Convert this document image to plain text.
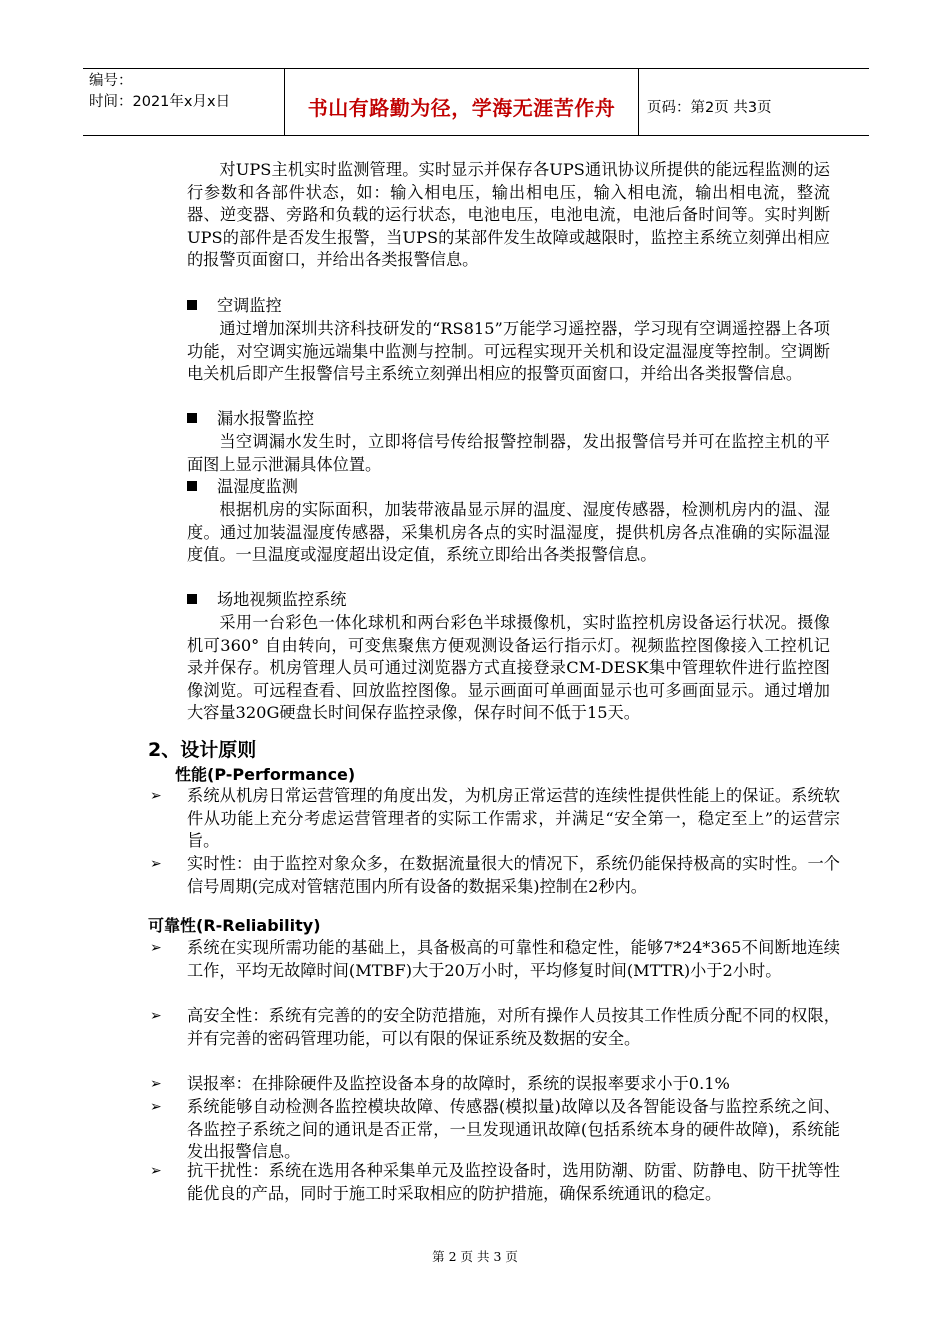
编号：
时间：2021年x月x日	书山有路勤为径，学海无涯苦作舟	页码：第2页 共3页

对UPS主机实时监测管理。实时显示并保存各UPS通讯协议所提供的能远程监测的运行参数和各部件状态，如：输入相电压，输出相电压，输入相电流，输出相电流，整流器、逆变器、旁路和负载的运行状态，电池电压，电池电流，电池后备时间等。实时判断UPS的部件是否发生报警，当UPS的某部件发生故障或越限时，监控主系统立刻弹出相应的报警页面窗口，并给出各类报警信息。

空调监控

通过增加深圳共济科技研发的“RS815”万能学习遥控器，学习现有空调遥控器上各项功能，对空调实施远端集中监测与控制。可远程实现开关机和设定温湿度等控制。空调断电关机后即产生报警信号主系统立刻弹出相应的报警页面窗口，并给出各类报警信息。

漏水报警监控

当空调漏水发生时，立即将信号传给报警控制器，发出报警信号并可在监控主机的平面图上显示泄漏具体位置。

温湿度监测

根据机房的实际面积，加装带液晶显示屏的温度、湿度传感器，检测机房内的温、湿度。通过加装温湿度传感器，采集机房各点的实时温湿度，提供机房各点准确的实际温湿度值。一旦温度或湿度超出设定值，系统立即给出各类报警信息。

场地视频监控系统

采用一台彩色一体化球机和两台彩色半球摄像机，实时监控机房设备运行状况。摄像机可360° 自由转向，可变焦聚焦方便观测设备运行指示灯。视频监控图像接入工控机记录并保存。机房管理人员可通过浏览器方式直接登录CM-DESK集中管理软件进行监控图像浏览。可远程查看、回放监控图像。显示画面可单画面显示也可多画面显示。通过增加大容量320G硬盘长时间保存监控录像，保存时间不低于15天。

2、设计原则
性能(P-Performance)
➢ 系统从机房日常运营管理的角度出发，为机房正常运营的连续性提供性能上的保证。系统软件从功能上充分考虑运营管理者的实际工作需求，并满足“安全第一，稳定至上”的运营宗旨。
➢ 实时性：由于监控对象众多，在数据流量很大的情况下，系统仍能保持极高的实时性。一个信号周期(完成对管辖范围内所有设备的数据采集)控制在2秒内。
可靠性(R-Reliability)
➢ 系统在实现所需功能的基础上，具备极高的可靠性和稳定性，能够7*24*365不间断地连续工作，平均无故障时间(MTBF)大于20万小时，平均修复时间(MTTR)小于2小时。
➢ 高安全性：系统有完善的的安全防范措施，对所有操作人员按其工作性质分配不同的权限，并有完善的密码管理功能，可以有限的保证系统及数据的安全。
➢ 误报率：在排除硬件及监控设备本身的故障时，系统的误报率要求小于0.1%
➢ 系统能够自动检测各监控模块故障、传感器(模拟量)故障以及各智能设备与监控系统之间、各监控子系统之间的通讯是否正常，一旦发现通讯故障(包括系统本身的硬件故障)，系统能发出报警信息。
➢ 抗干扰性：系统在选用各种采集单元及监控设备时，选用防潮、防雷、防静电、防干扰等性能优良的产品，同时于施工时采取相应的防护措施，确保系统通讯的稳定。
第 2 页 共 3 页
